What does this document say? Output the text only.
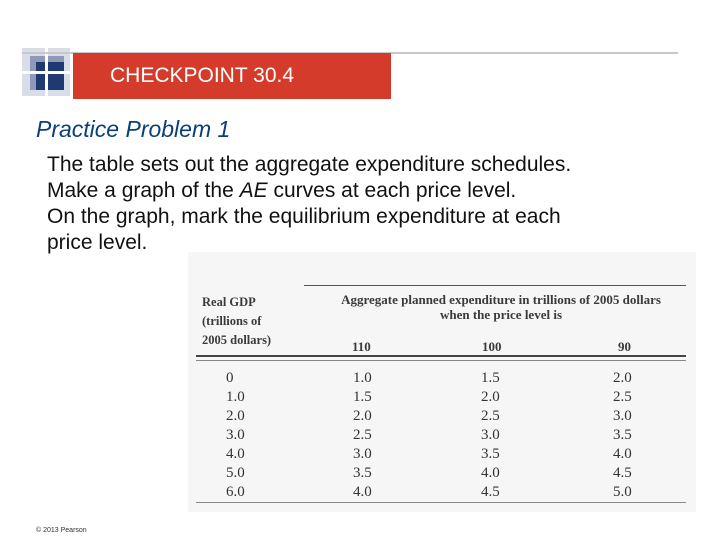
CHECKPOINT 30.4
Practice Problem 1
The table sets out the aggregate expenditure schedules.
Make a graph of the AE curves at each price level.
On the graph, mark the equilibrium expenditure at each
price level.
Real GDP
(trillions of
2005 dollars)
Aggregate planned expenditure in trillions of 2005 dollars
when the price level is
110	100	90
0	1.0	1.5	2.0
1.0	1.5	2.0	2.5
2.0	2.0	2.5	3.0
3.0	2.5	3.0	3.5
4.0	3.0	3.5	4.0
5.0	3.5	4.0	4.5
6.0	4.0	4.5	5.0
© 2013 Pearson
